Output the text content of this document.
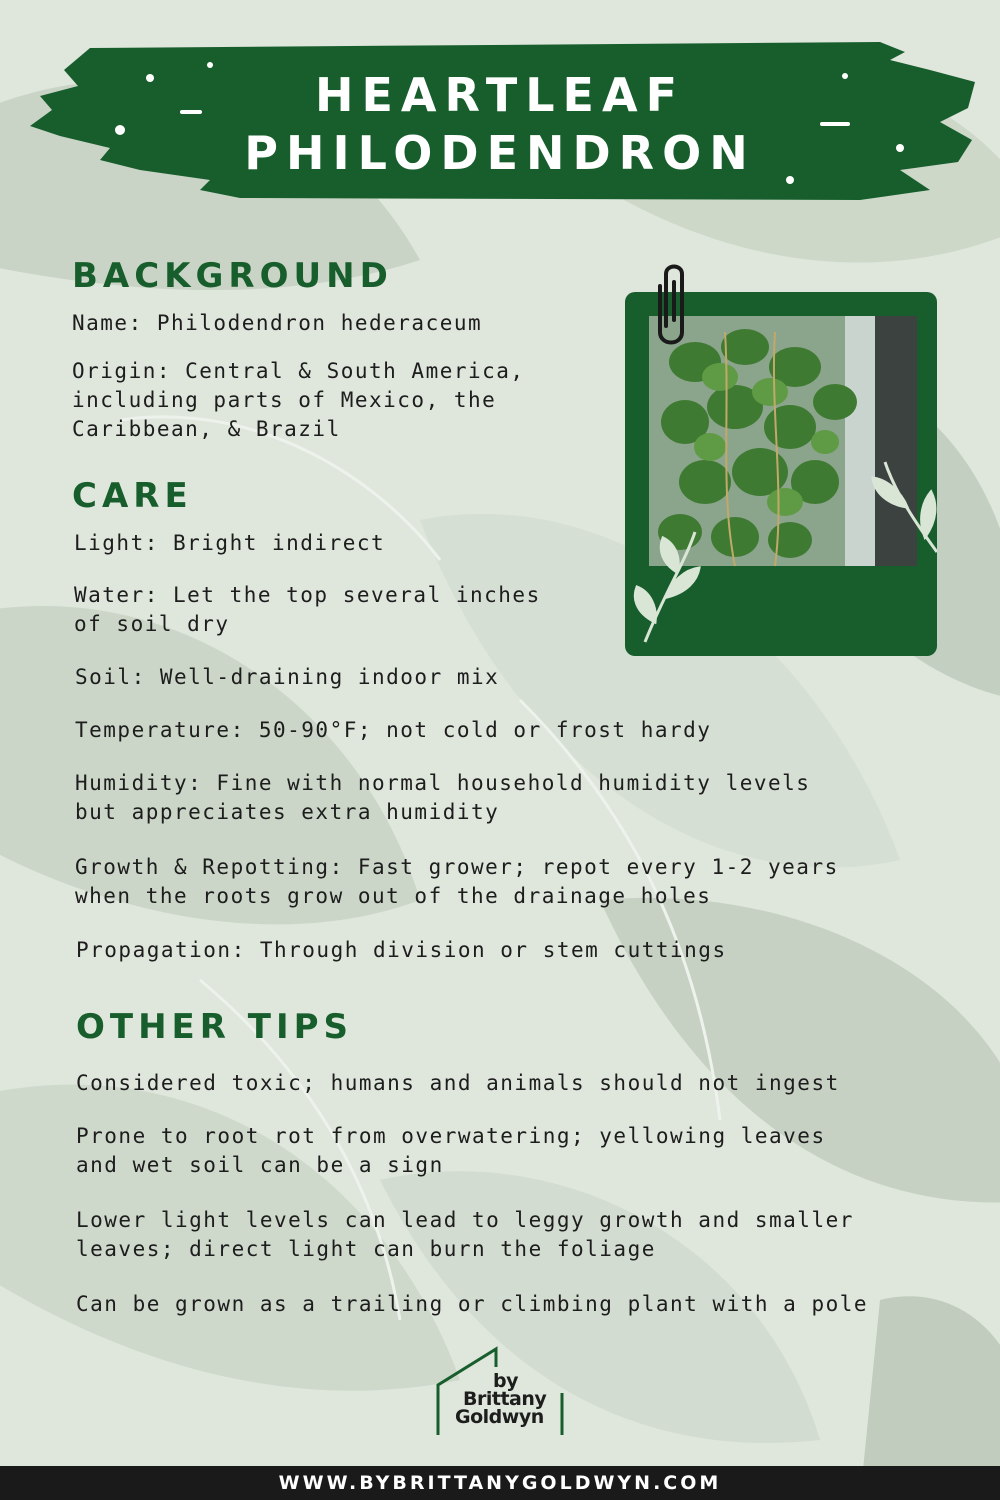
HEARTLEAF
PHILODENDRON
BACKGROUND

Name: Philodendron hederaceum

Origin: Central & South America,

including parts of Mexico, the

Caribbean, & Brazil

CARE

Light: Bright indirect

Water: Let the top several inches

of soil dry

Soil: Well-draining indoor mix

Temperature: 50-90°F; not cold or frost hardy

Humidity: Fine with normal household humidity levels

but appreciates extra humidity

Growth & Repotting: Fast grower; repot every 1-2 years

when the roots grow out of the drainage holes

Propagation: Through division or stem cuttings

OTHER TIPS

Considered toxic; humans and animals should not ingest

Prone to root rot from overwatering; yellowing leaves

and wet soil can be a sign

Lower light levels can lead to leggy growth and smaller

leaves; direct light can burn the foliage

Can be grown as a trailing or climbing plant with a pole

by
Brittany
Goldwyn
WWW.BYBRITTANYGOLDWYN.COM
